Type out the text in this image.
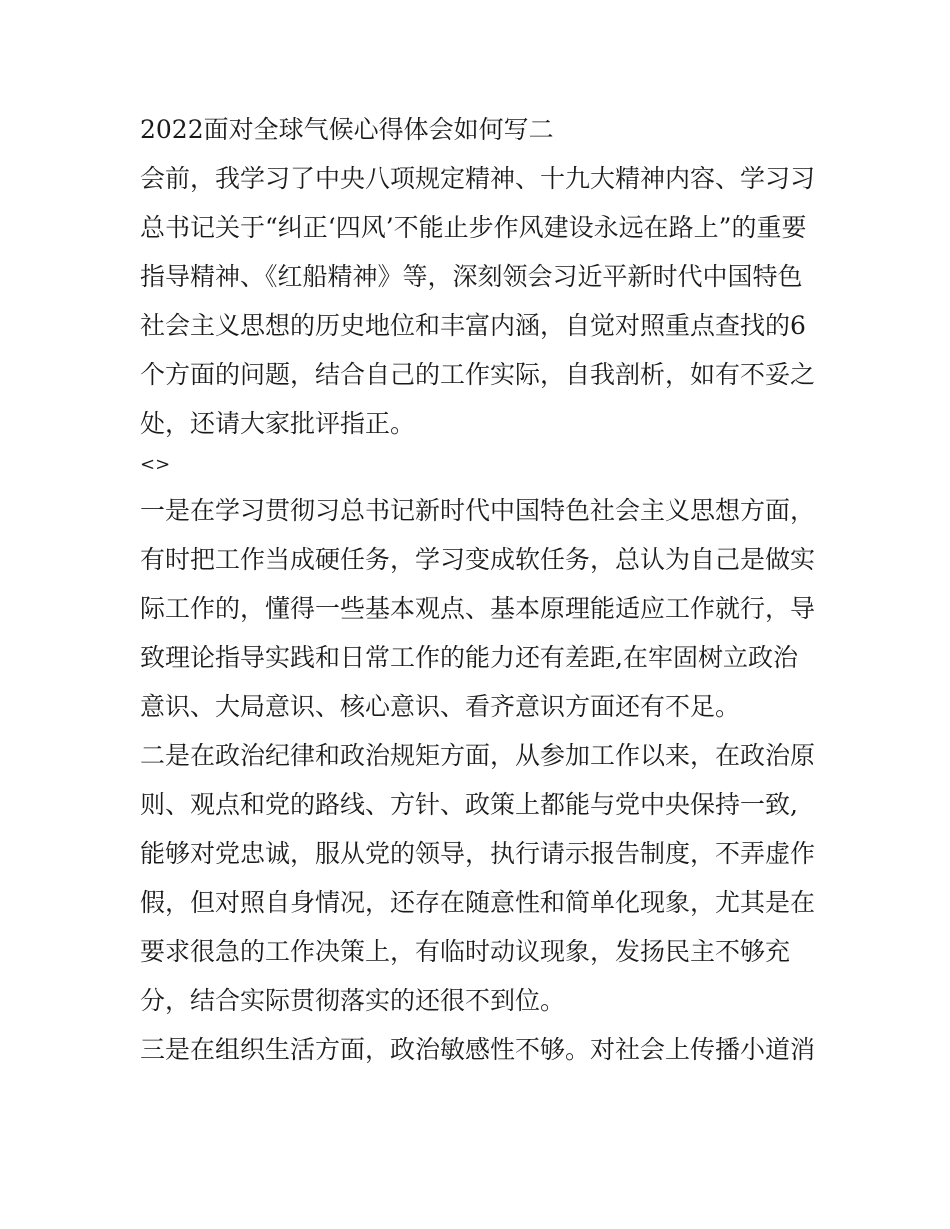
2022面对全球气候心得体会如何写二
会前，我学习了中央八项规定精神、十九大精神内容、学习习
总书记关于“纠正‘四风’不能止步作风建设永远在路上”的重要
指导精神、《红船精神》等，深刻领会习近平新时代中国特色
社会主义思想的历史地位和丰富内涵，自觉对照重点查找的6
个方面的问题，结合自己的工作实际，自我剖析，如有不妥之
处，还请大家批评指正。
<>
一是在学习贯彻习总书记新时代中国特色社会主义思想方面，
有时把工作当成硬任务，学习变成软任务，总认为自己是做实
际工作的，懂得一些基本观点、基本原理能适应工作就行，导
致理论指导实践和日常工作的能力还有差距,在牢固树立政治
意识、大局意识、核心意识、看齐意识方面还有不足。
二是在政治纪律和政治规矩方面，从参加工作以来，在政治原
则、观点和党的路线、方针、政策上都能与党中央保持一致,
能够对党忠诚，服从党的领导，执行请示报告制度，不弄虚作
假，但对照自身情况，还存在随意性和简单化现象，尤其是在
要求很急的工作决策上，有临时动议现象，发扬民主不够充
分，结合实际贯彻落实的还很不到位。
三是在组织生活方面，政治敏感性不够。对社会上传播小道消
